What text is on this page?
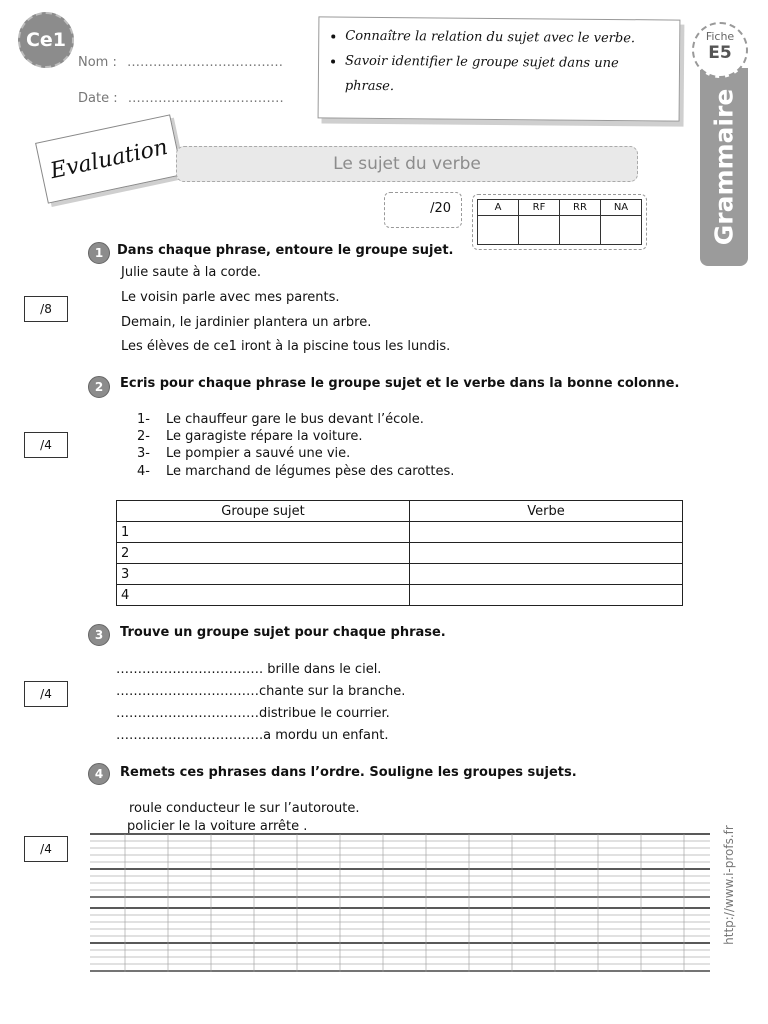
Ce1
Nom : ………………………………
Date : ………………………………
• Connaître la relation du sujet avec le verbe.
• Savoir identifier le groupe sujet dans une phrase.
Grammaire
Fiche
E5
Evaluation	Le sujet du verbe
/20	A	RF	RR	NA

1	Dans chaque phrase, entoure le groupe sujet.
/8
Julie saute à la corde.
Le voisin parle avec mes parents.
Demain, le jardinier plantera un arbre.
Les élèves de ce1 iront à la piscine tous les lundis.
2	Ecris pour chaque phrase le groupe sujet et le verbe dans la bonne colonne.
/4
1- Le chauffeur gare le bus devant l’école.
2- Le garagiste répare la voiture.
3- Le pompier a sauvé une vie.
4- Le marchand de légumes pèse des carottes.
Groupe sujet	Verbe
1	
2	
3	
4	
3	Trouve un groupe sujet pour chaque phrase.
/4
……………………………. brille dans le ciel.
……………………………chante sur la branche.
……………………………distribue le courrier.
…………………………….a mordu un enfant.
4	Remets ces phrases dans l’ordre. Souligne les groupes sujets.
/4
roule conducteur le sur l’autoroute.
policier le la voiture arrête .	http://www.i-profs.fr
